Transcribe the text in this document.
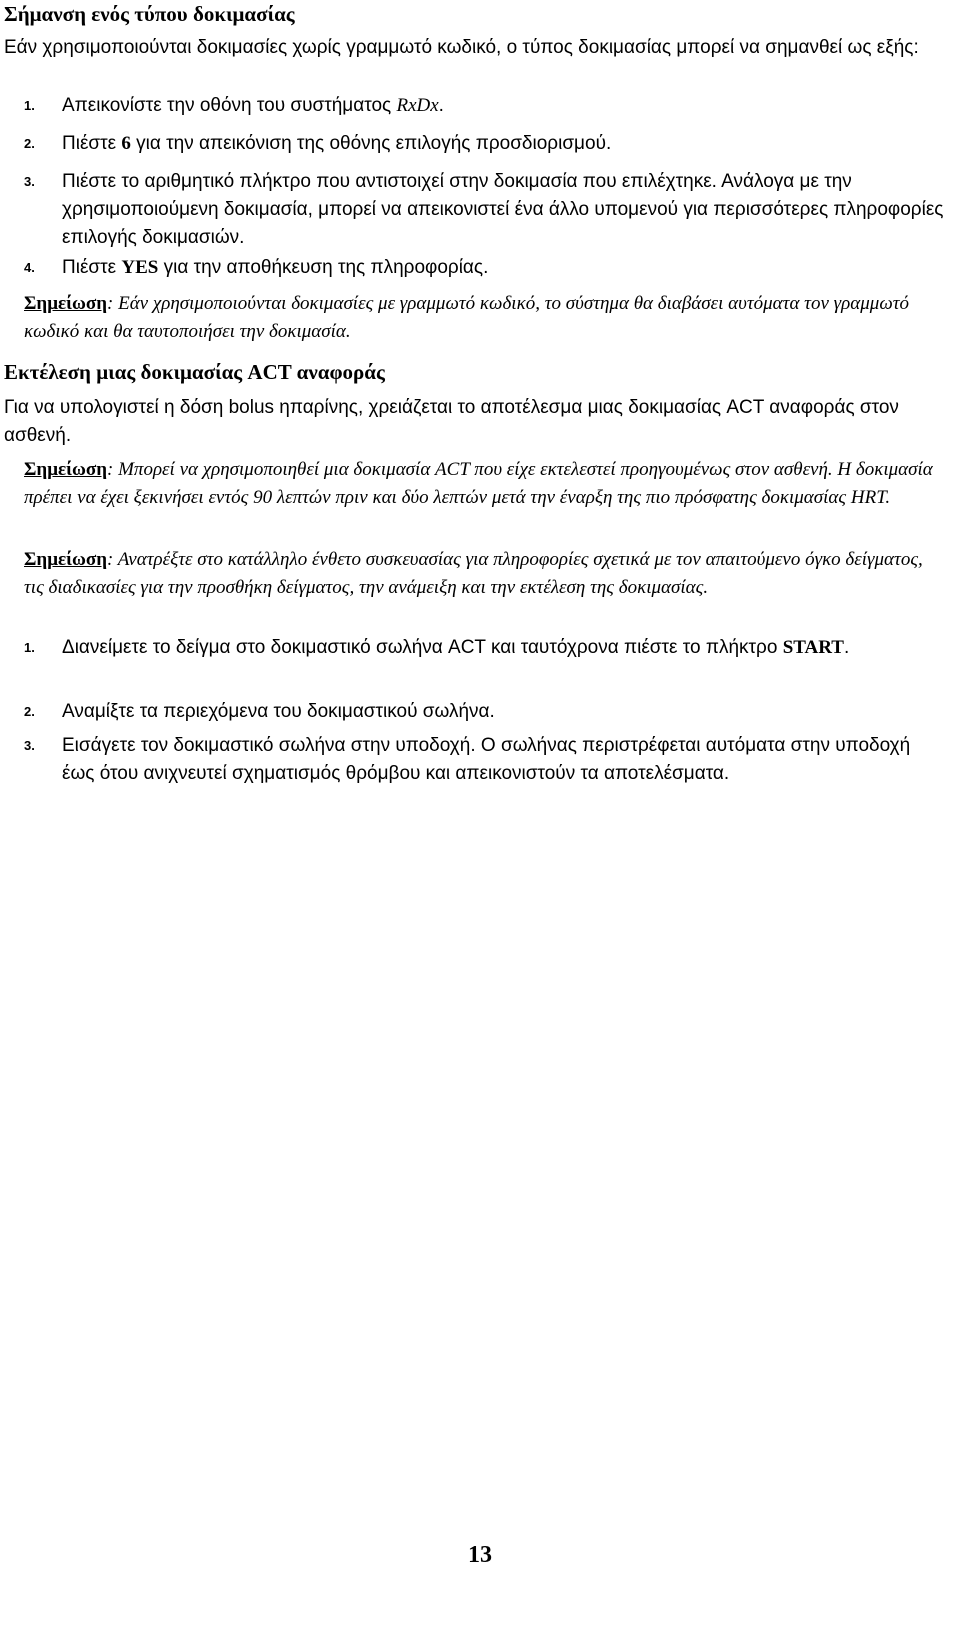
Σήμανση ενός τύπου δοκιμασίας
Εάν χρησιμοποιούνται δοκιμασίες χωρίς γραμμωτό κωδικό, ο τύπος δοκιμασίας μπορεί να σημανθεί ως εξής:
1. Απεικονίστε την οθόνη του συστήματος RxDx.
2. Πιέστε 6 για την απεικόνιση της οθόνης επιλογής προσδιορισμού.
3. Πιέστε το αριθμητικό πλήκτρο που αντιστοιχεί στην δοκιμασία που επιλέχτηκε. Ανάλογα με την χρησιμοποιούμενη δοκιμασία, μπορεί να απεικονιστεί ένα άλλο υπομενού για περισσότερες πληροφορίες επιλογής δοκιμασιών.
4. Πιέστε YES για την αποθήκευση της πληροφορίας.
Σημείωση: Εάν χρησιμοποιούνται δοκιμασίες με γραμμωτό κωδικό, το σύστημα θα διαβάσει αυτόματα τον γραμμωτό κωδικό και θα ταυτοποιήσει την δοκιμασία.
Εκτέλεση μιας δοκιμασίας ACT αναφοράς
Για να υπολογιστεί η δόση bolus ηπαρίνης, χρειάζεται το αποτέλεσμα μιας δοκιμασίας ACT αναφοράς στον ασθενή.
Σημείωση: Μπορεί να χρησιμοποιηθεί μια δοκιμασία ACT που είχε εκτελεστεί προηγουμένως στον ασθενή. Η δοκιμασία πρέπει να έχει ξεκινήσει εντός 90 λεπτών πριν και δύο λεπτών μετά την έναρξη της πιο πρόσφατης δοκιμασίας HRT.
Σημείωση: Ανατρέξτε στο κατάλληλο ένθετο συσκευασίας για πληροφορίες σχετικά με τον απαιτούμενο όγκο δείγματος, τις διαδικασίες για την προσθήκη δείγματος, την ανάμειξη και την εκτέλεση της δοκιμασίας.
1. Διανείμετε το δείγμα στο δοκιμαστικό σωλήνα ACT και ταυτόχρονα πιέστε το πλήκτρο START.
2. Αναμίξτε τα περιεχόμενα του δοκιμαστικού σωλήνα.
3. Εισάγετε τον δοκιμαστικό σωλήνα στην υποδοχή. Ο σωλήνας περιστρέφεται αυτόματα στην υποδοχή έως ότου ανιχνευτεί σχηματισμός θρόμβου και απεικονιστούν τα αποτελέσματα.
13
